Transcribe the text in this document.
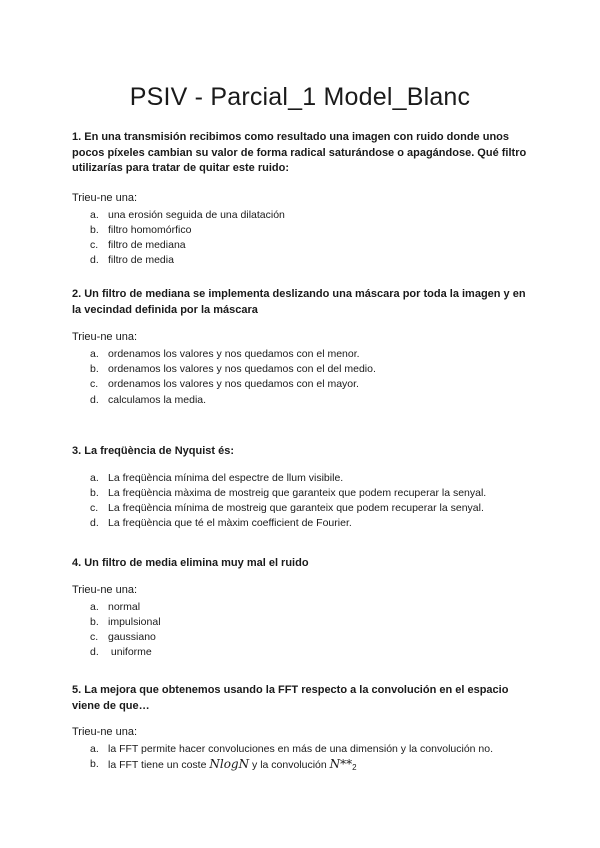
PSIV - Parcial_1 Model_Blanc

1. En una transmisión recibimos como resultado una imagen con ruido donde unos pocos píxeles cambian su valor de forma radical saturándose o apagándose. Qué filtro utilizarías para tratar de quitar este ruido:

Trieu-ne una:
a. una erosión seguida de una dilatación
b. filtro homomórfico
c. filtro de mediana
d. filtro de media

2. Un filtro de mediana se implementa deslizando una máscara por toda la imagen y en la vecindad definida por la máscara

Trieu-ne una:
a. ordenamos los valores y nos quedamos con el menor.
b. ordenamos los valores y nos quedamos con el del medio.
c. ordenamos los valores y nos quedamos con el mayor.
d. calculamos la media.

3. La freqüència de Nyquist és:

a. La freqüència mínima del espectre de llum visibile.
b. La freqüència màxima de mostreig que garanteix que podem recuperar la senyal.
c. La freqüència mínima de mostreig que garanteix que podem recuperar la senyal.
d. La freqüència que té el màxim coefficient de Fourier.

4. Un filtro de media elimina muy mal el ruido

Trieu-ne una:
a. normal
b. impulsional
c. gaussiano
d. uniforme

5. La mejora que obtenemos usando la FFT respecto a la convolución en el espacio viene de que…

Trieu-ne una:
a. la FFT permite hacer convoluciones en más de una dimensión y la convolución no.
b. la FFT tiene un coste NlogN y la convolución $N**_2$
